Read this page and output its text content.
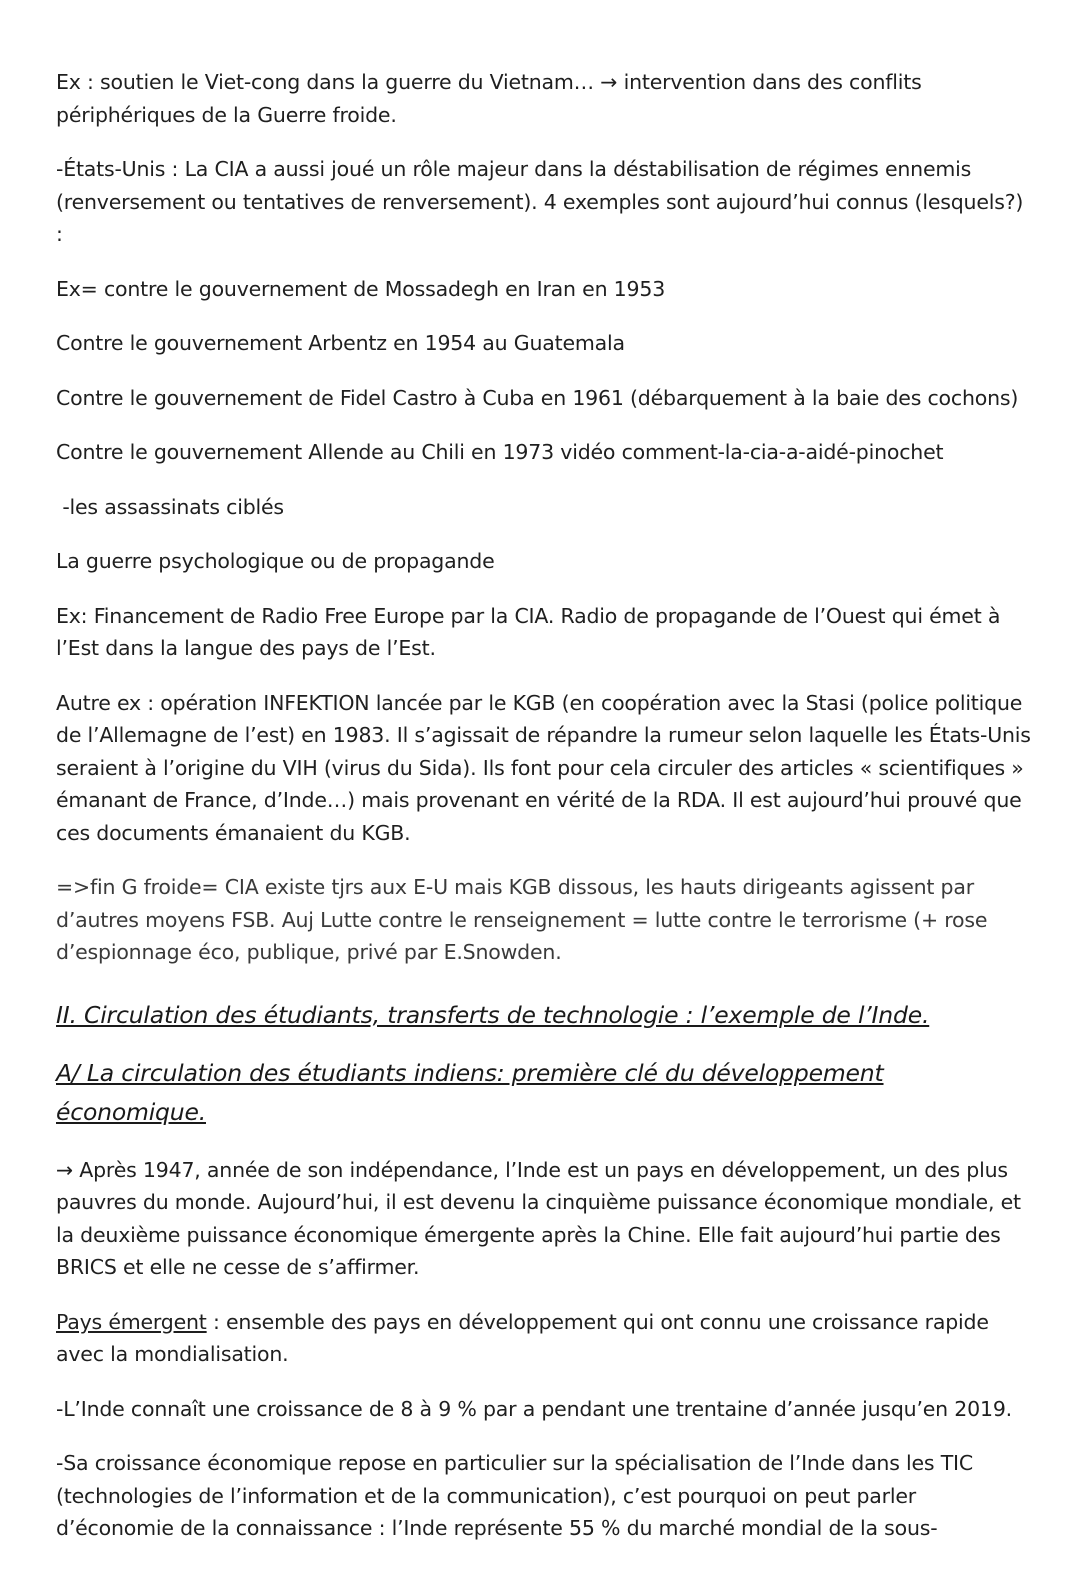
Ex : soutien le Viet-cong dans la guerre du Vietnam… → intervention dans des conflits périphériques de la Guerre froide.

-États-Unis : La CIA a aussi joué un rôle majeur dans la déstabilisation de régimes ennemis (renversement ou tentatives de renversement). 4 exemples sont aujourd’hui connus (lesquels?) :

Ex= contre le gouvernement de Mossadegh en Iran en 1953

Contre le gouvernement Arbentz en 1954 au Guatemala

Contre le gouvernement de Fidel Castro à Cuba en 1961 (débarquement à la baie des cochons)

Contre le gouvernement Allende au Chili en 1973 vidéo comment-la-cia-a-aidé-pinochet

-les assassinats ciblés

La guerre psychologique ou de propagande

Ex: Financement de Radio Free Europe par la CIA. Radio de propagande de l’Ouest qui émet à l’Est dans la langue des pays de l’Est.

Autre ex : opération INFEKTION lancée par le KGB (en coopération avec la Stasi (police politique de l’Allemagne de l’est) en 1983. Il s’agissait de répandre la rumeur selon laquelle les États-Unis seraient à l’origine du VIH (virus du Sida). Ils font pour cela circuler des articles « scientifiques » émanant de France, d’Inde…) mais provenant en vérité de la RDA. Il est aujourd’hui prouvé que ces documents émanaient du KGB.

=>fin G froide= CIA existe tjrs aux E-U mais KGB dissous, les hauts dirigeants agissent par d’autres moyens FSB. Auj Lutte contre le renseignement = lutte contre le terrorisme (+ rose d’espionnage éco, publique, privé par E.Snowden.

II. Circulation des étudiants, transferts de technologie : l’exemple de l’Inde.
A/ La circulation des étudiants indiens: première clé du développement économique.

→ Après 1947, année de son indépendance, l’Inde est un pays en développement, un des plus pauvres du monde. Aujourd’hui, il est devenu la cinquième puissance économique mondiale, et la deuxième puissance économique émergente après la Chine. Elle fait aujourd’hui partie des BRICS et elle ne cesse de s’affirmer.

Pays émergent : ensemble des pays en développement qui ont connu une croissance rapide avec la mondialisation.

-L’Inde connaît une croissance de 8 à 9 % par a pendant une trentaine d’année jusqu’en 2019.

-Sa croissance économique repose en particulier sur la spécialisation de l’Inde dans les TIC (technologies de l’information et de la communication), c’est pourquoi on peut parler d’économie de la connaissance : l’Inde représente 55 % du marché mondial de la sous-
